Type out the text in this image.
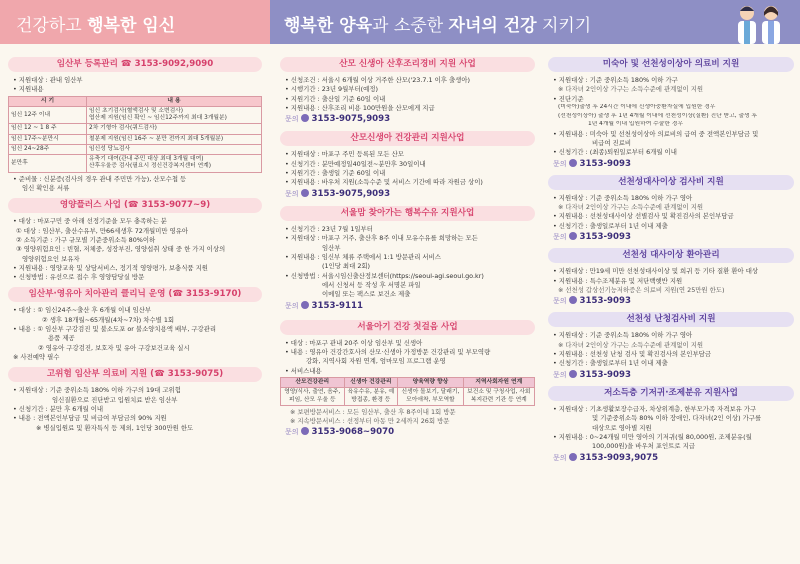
건강하고 행복한 임신	행복한 양육과 소중한 자녀의 건강 지키기
임산부 등록관리 ☎ 3153-9092,9090
• 지원대상 : 관내 임산부
• 지원내용
시 기	내 용
임신 12주 이내	임신 초기검사(혈액검사 및 소변검사)
엽산제 지원(임신 확인 ~ 임신12주까지 최대 3개월분)

임신 12 ~ 1 8 주	2차 기형아 검사(쿼드검사)
임신 17주~분만시	철분제 지원(임신 16주 ~ 분만 전까지 최대 5개월분)
임신 24~28주	임신성 당뇨검사
분만후	유축기 대여(관내 주민 대상 최대 3개월 대여)
산후우울증 검사(필요시 정신건강복지센터 연계)
• 준비물 : 신분증(검사의 경우 관내 주민만 가능), 산모수첩 등
임신 확인용 서류
영양플러스 사업 (☎ 3153-9077~9)
• 대상 : 마포구민 중 아래 선정기준을 모두 충족하는 분
① 대상 : 임산부, 출산수유부, 만66세생후 72개월미만 영유아
② 소득기준 : 가구 규모별 기준중위소득 80%이하
③ 영양위험요인 : 빈혈, 저체중, 성장부진, 영양섭취 상태 중 한 가지 이상의
영양위험요인 보유자
• 지원내용 : 영양교육 및 상담서비스, 정기적 영양평가, 보충식품 지원
• 신청방법 : 유선으로 접수 후 영양담당실 방문
임산부·영유아 치아관리 클리닉 운영 (☎ 3153-9170)
• 대상 : ① 임신24주~출산 후 6개월 이내 임산부
② 생후 18개월~65개월(4차~7차) 차수별 1회
• 내용 : ① 임산부 구강검진 및 불소도포 or 불소양치용액 배부, 구강관리
용품 제공
② 영유아 구강검진, 보호자 및 유아 구강보건교육 실시
※ 사전예약 필수
고위험 임산부 의료비 지원 (☎ 3153-9075)
• 지원대상 : 기준 중위소득 180% 이하 가구의 19대 고위험
임신질환으로 진단받고 입원치료 받은 임산부
• 신청기간 : 분만 후 6개월 이내
• 내용 : 전액본인부담금 및 비급여 부담금의 90% 지원
※ 병실입원료 및 환자특식 등 제외, 1인당 300만원 한도
산모 신생아 산후조리경비 지원 사업
• 신청조건 : 서울시 6개월 이상 거주한 산모('23.7.1 이후 출생아)
• 시행기간 : 23년 9월부터(예정)
• 지원기간 : 출산일 기준 60일 이내
• 지원내용 : 산후조리 비용 100만원을 산모에게 지급
문의 3153-9075,9093
산모신생아 건강관리 지원사업
• 지원대상 : 마포구 주민 등록된 모든 산모
• 신청기간 : 분만예정일40일전~분만후 30일이내
• 지원기간 : 출생일 기준 60일 이내
• 지원내용 : 바우처 지원(소득수준 및 서비스 기간에 따라 자원금 상이)
문의 3153-9075,9093
서울맘 찾아가는 행복수유 지원사업
• 신청기간 : 23년 7월 1일부터
• 지원대상 : 마포구 거주, 출산후 8주 이내 모유수유를 희망하는 모든
임산부
• 지원내용 : 임신부 체류 주택에서 1:1 방문관리 서비스
(1인당 최대 2회)
• 신청방법 : 서울시임신출산정보센터(https://seoul-agi.seoul.go.kr)
에서 신청서 등 작성 후 서명본 파일
이메일 또는 팩스로 보건소 제출
문의 3153-9111
서울아기 건강 첫걸음 사업
• 대상 : 마포구 관내 20주 이상 임산부 및 신생아
• 내용 : 영유아 건강간호사의 산모·신생아 가정방문 건강관리 및 부모역량
강화, 지역사회 자원 연계, 엄마모임 프로그램 운영
• 서비스내용
산모건강관리	신생아 건강관리	양육역량 향상	지역사회자원 연계
영양/식사, 출연, 음주, 피임, 산모 우울 등	육유수유, 분유, 예방접종, 환경 등	신생아 돌보기, 달래기, 모아애착, 부모역할	보건소 및 구청사업, 사회복지관련 기관 등 연계
※ 보편방문서비스 : 모든 임산부, 출산 후 8주이내 1회 방문
※ 지속방문서비스 : 선정부터 아동 만 2세까지 26회 방문
문의 3153-9068~9070
미숙아 및 선천성이상아 의료비 지원
• 지원대상 : 기준 중위소득 180% 이하 가구
※ 다자녀 2인이상 가구는 소득수준에 관계없이 지원
• 진단기준
(미숙아)출생 후 24시간 이내에 신생아중환자실에 입원한 경우
(선천성이상아) 출생 후 1년 4개월 이내에 선천성이상(질환) 진단 받고, 출생 후
1년 4개월 이내 입원하여 수술한 경우
• 지원내용 : 미숙아 및 선천성이상아 의료비의 급여 중 전액본인부담금 및
비급여 진료비
• 신청기간 : (최종)퇴원일로부터 6개월 이내
문의 3153-9093
선천성대사이상 검사비 지원
• 지원대상 : 기준 중위소득 180% 이하 가구 영아
※ 다자녀 2인이상 가구는 소득수준에 관계없이 지원
• 지원내용 : 선천성대사이상 선별검사 및 확진검사의 본인부담금
• 신청기간 : 출생일로부터 1년 이내 제출
문의 3153-9093
선천성 대사이상 환아관리
• 지원대상 : 만19세 미만 선천성대사이상 및 희귀 등 기타 질환 환아 대상
• 지원내용 : 특수조제분유 및 저단백햇반 지원
※ 선천성 갑상선기능저하증은 의료비 지원(연 25만원 한도)
문의 3153-9093
선천성 난청검사비 지원
• 지원대상 : 기준 중위소득 180% 이하 가구 영아
※ 다자녀 2인이상 가구는 소득수준에 관계없이 지원
• 지원내용 : 선천성 난청 검사 및 확진검사의 본인부담금
• 신청기간 : 출생일로부터 1년 이내 제출
문의 3153-9093
저소득층 기저귀·조제분유 지원사업
• 지원대상 : 기초생활보장수급자, 차상위계층, 한부모가족 자격보유 가구
및 기준중위소득 80% 이하 장애인, 다자녀(2인 이상) 가구를
대상으로 영아별 지원
• 지원내용 : 0~24개월 미만 영아의 기저귀(월 80,000원, 조제분유(월
100,000원)을 바우처 포인트로 지급
문의 3153-9093,9075
